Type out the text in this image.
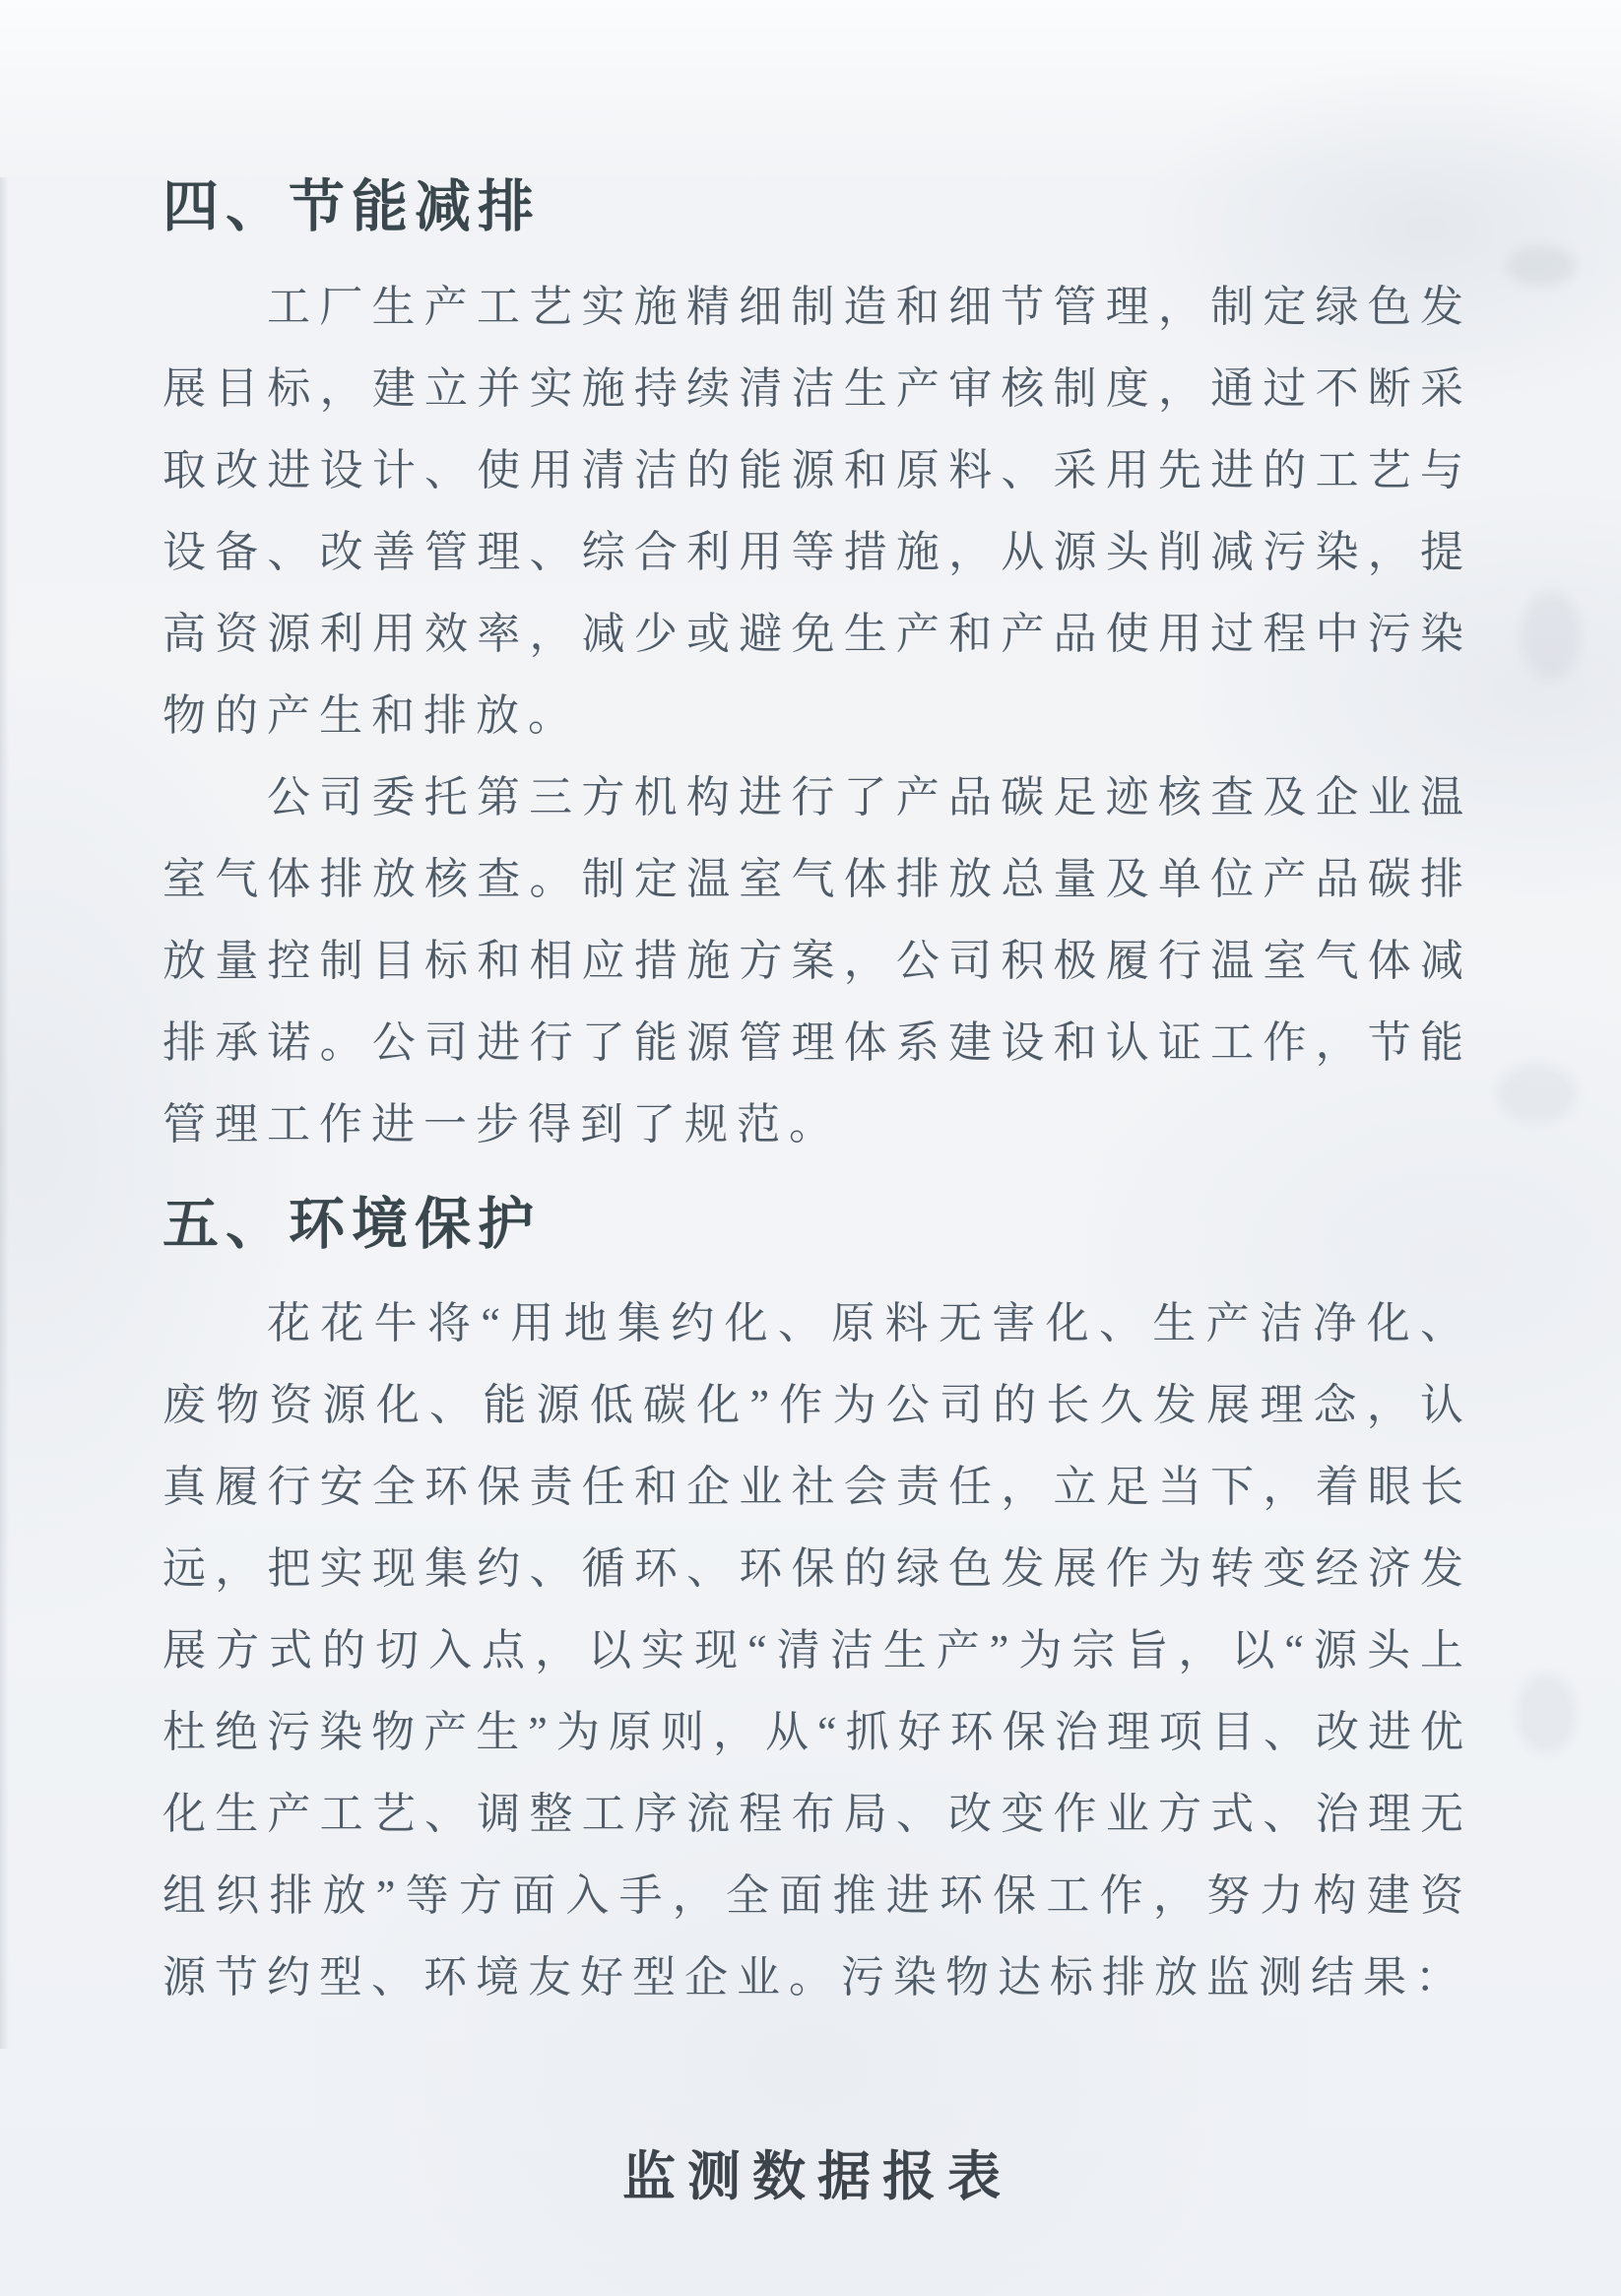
四、节能减排

工厂生产工艺实施精细制造和细节管理，制定绿色发展目标，建立并实施持续清洁生产审核制度，通过不断采取改进设计、使用清洁的能源和原料、采用先进的工艺与设备、改善管理、综合利用等措施，从源头削减污染，提高资源利用效率，减少或避免生产和产品使用过程中污染物的产生和排放。

公司委托第三方机构进行了产品碳足迹核查及企业温室气体排放核查。制定温室气体排放总量及单位产品碳排放量控制目标和相应措施方案，公司积极履行温室气体减排承诺。公司进行了能源管理体系建设和认证工作，节能管理工作进一步得到了规范。

五、环境保护

花花牛将“用地集约化、原料无害化、生产洁净化、废物资源化、能源低碳化”作为公司的长久发展理念，认真履行安全环保责任和企业社会责任，立足当下，着眼长远，把实现集约、循环、环保的绿色发展作为转变经济发展方式的切入点，以实现“清洁生产”为宗旨，以“源头上杜绝污染物产生”为原则，从“抓好环保治理项目、改进优化生产工艺、调整工序流程布局、改变作业方式、治理无组织排放”等方面入手，全面推进环保工作，努力构建资源节约型、环境友好型企业。污染物达标排放监测结果：

监测数据报表
